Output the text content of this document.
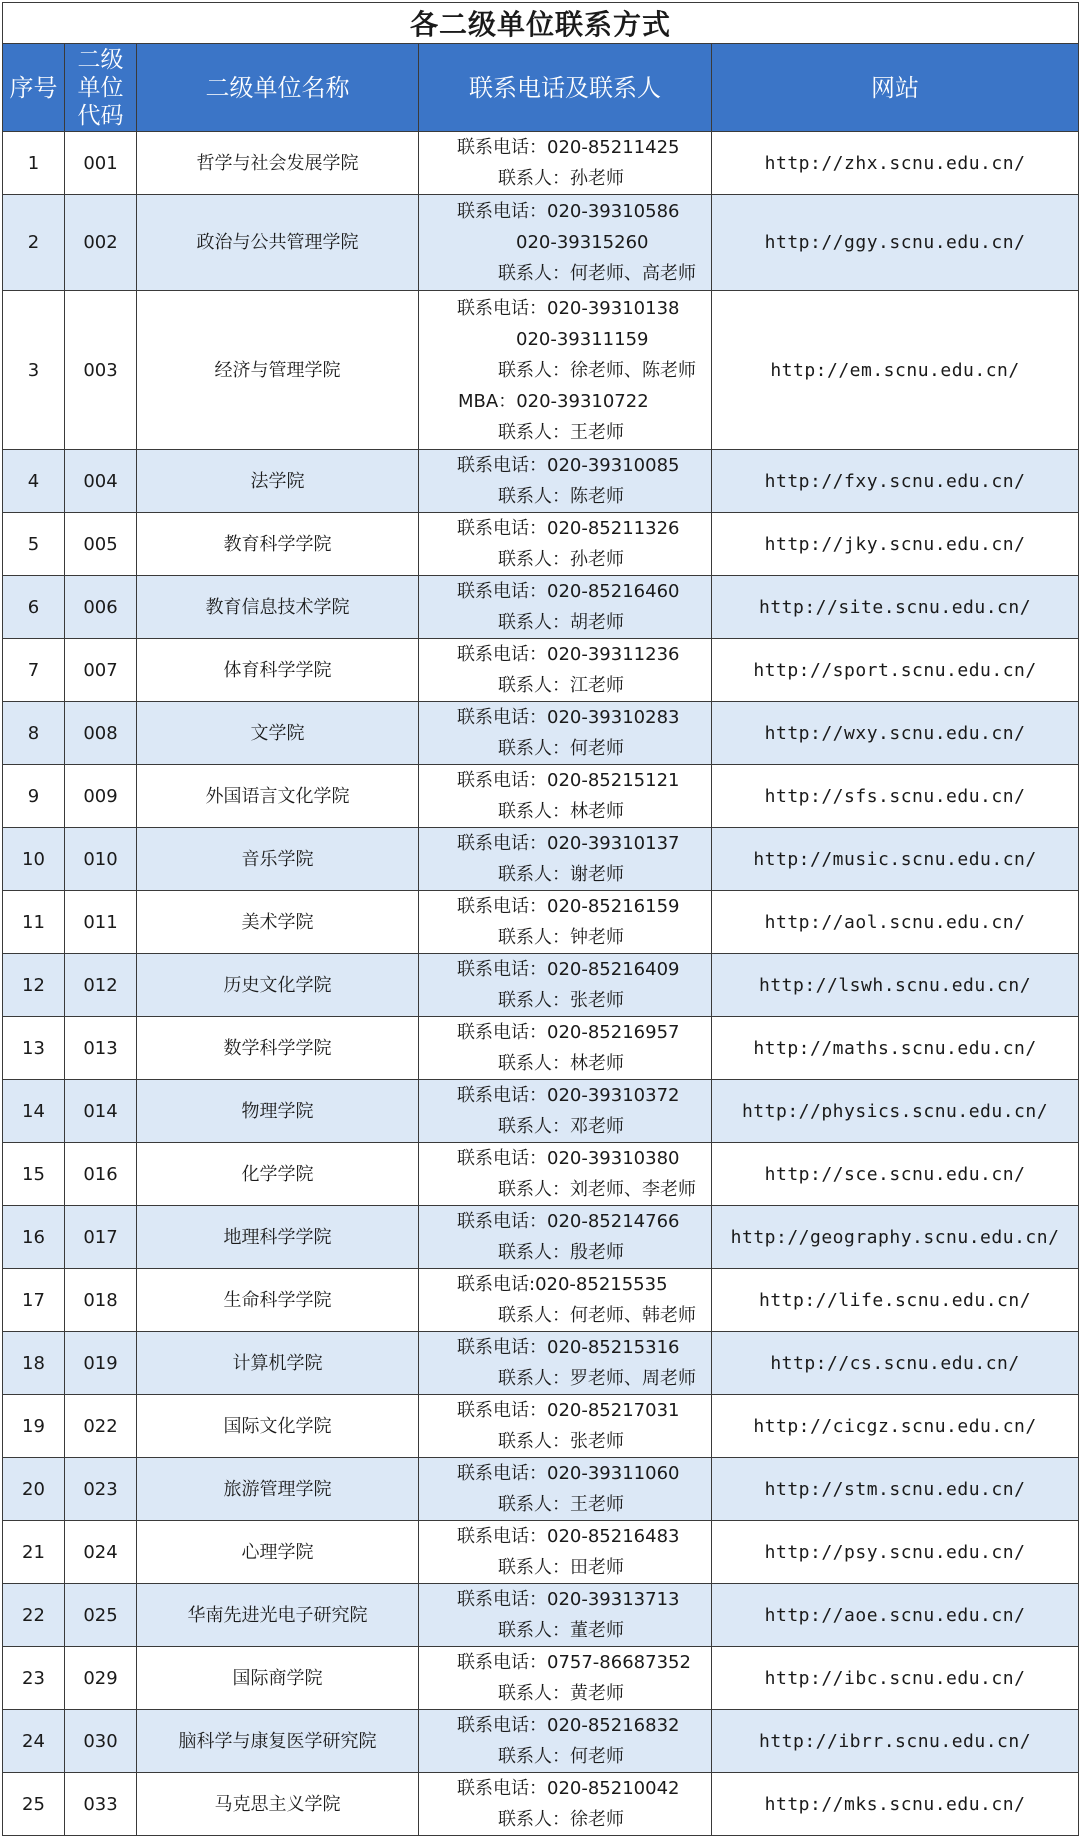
各二级单位联系方式				
序号	二级
单位
代码	二级单位名称	联系电话及联系人	网站
1	001	哲学与社会发展学院	联系电话：020-85211425
联系人：孙老师	http://zhx.scnu.edu.cn/
2	002	政治与公共管理学院	联系电话：020-39310586
020-39315260
联系人：何老师、高老师	http://ggy.scnu.edu.cn/
3	003	经济与管理学院	联系电话：020-39310138
020-39311159
联系人：徐老师、陈老师
MBA：020-39310722
联系人：王老师	http://em.scnu.edu.cn/
4	004	法学院	联系电话：020-39310085
联系人：陈老师	http://fxy.scnu.edu.cn/
5	005	教育科学学院	联系电话：020-85211326
联系人：孙老师	http://jky.scnu.edu.cn/
6	006	教育信息技术学院	联系电话：020-85216460
联系人：胡老师	http://site.scnu.edu.cn/
7	007	体育科学学院	联系电话：020-39311236
联系人：江老师	http://sport.scnu.edu.cn/
8	008	文学院	联系电话：020-39310283
联系人：何老师	http://wxy.scnu.edu.cn/
9	009	外国语言文化学院	联系电话：020-85215121
联系人：林老师	http://sfs.scnu.edu.cn/
10	010	音乐学院	联系电话：020-39310137
联系人：谢老师	http://music.scnu.edu.cn/
11	011	美术学院	联系电话：020-85216159
联系人：钟老师	http://aol.scnu.edu.cn/
12	012	历史文化学院	联系电话：020-85216409
联系人：张老师	http://lswh.scnu.edu.cn/
13	013	数学科学学院	联系电话：020-85216957
联系人：林老师	http://maths.scnu.edu.cn/
14	014	物理学院	联系电话：020-39310372
联系人：邓老师	http://physics.scnu.edu.cn/
15	016	化学学院	联系电话：020-39310380
联系人：刘老师、李老师	http://sce.scnu.edu.cn/
16	017	地理科学学院	联系电话：020-85214766
联系人：殷老师	http://geography.scnu.edu.cn/
17	018	生命科学学院	联系电话:020-85215535
联系人：何老师、韩老师	http://life.scnu.edu.cn/
18	019	计算机学院	联系电话：020-85215316
联系人：罗老师、周老师	http://cs.scnu.edu.cn/
19	022	国际文化学院	联系电话：020-85217031
联系人：张老师	http://cicgz.scnu.edu.cn/
20	023	旅游管理学院	联系电话：020-39311060
联系人：王老师	http://stm.scnu.edu.cn/
21	024	心理学院	联系电话：020-85216483
联系人：田老师	http://psy.scnu.edu.cn/
22	025	华南先进光电子研究院	联系电话：020-39313713
联系人：董老师	http://aoe.scnu.edu.cn/
23	029	国际商学院	联系电话：0757-86687352
联系人：黄老师	http://ibc.scnu.edu.cn/
24	030	脑科学与康复医学研究院	联系电话：020-85216832
联系人：何老师	http://ibrr.scnu.edu.cn/
25	033	马克思主义学院	联系电话：020-85210042
联系人：徐老师	http://mks.scnu.edu.cn/
